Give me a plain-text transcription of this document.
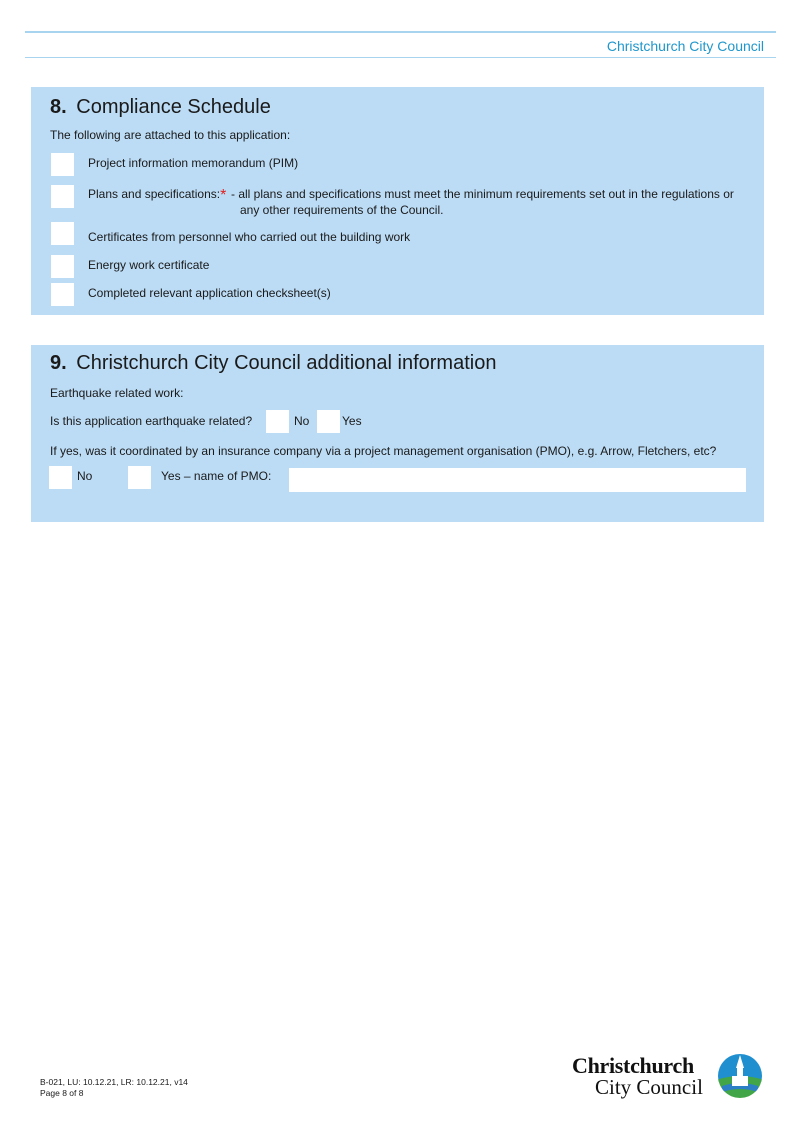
Christchurch City Council
8. Compliance Schedule
The following are attached to this application:
Project information memorandum (PIM)
Plans and specifications:* - all plans and specifications must meet the minimum requirements set out in the regulations or
any other requirements of the Council.
Certificates from personnel who carried out the building work
Energy work certificate
Completed relevant application checksheet(s)
9. Christchurch City Council additional information
Earthquake related work:
Is this application earthquake related?	No	Yes
If yes, was it coordinated by an insurance company via a project management organisation (PMO), e.g. Arrow, Fletchers, etc?
No	Yes – name of PMO:
B-021, LU: 10.12.21, LR: 10.12.21, v14
Page 8 of 8
Christchurch
City Council
